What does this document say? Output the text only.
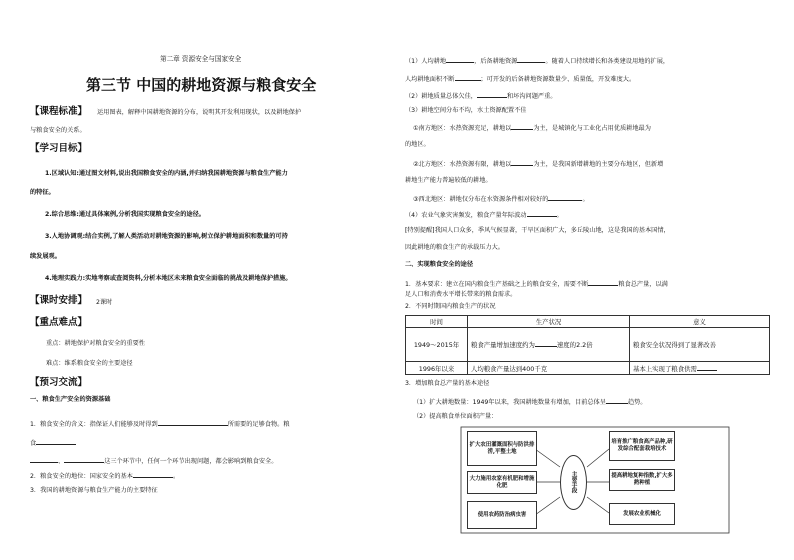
第二章 资源安全与国家安全
第三节 中国的耕地资源与粮食安全
【课程标准】 运用图表，解释中国耕地资源的分布，说明其开发利用现状，以及耕地保护
与粮食安全的关系。
【学习目标】
1.区域认知:通过图文材料,说出我国粮食安全的内涵,并归纳我国耕地资源与粮食生产能力
的特征。
2.综合思维:通过具体案例,分析我国实现粮食安全的途径。
3.人地协调观:结合实例,了解人类活动对耕地资源的影响,树立保护耕地面积和数量的可持
续发展观。
4.地理实践力:实地考察或查阅资料,分析本地区未来粮食安全面临的挑战及耕地保护措施。
【课时安排】 2课时
【重点难点】
重点：耕地保护对粮食安全的重要性
难点：维系粮食安全的主要途径
【预习交流】
一、粮食生产安全的资源基础
1．粮食安全的含义：指保证人们能够及时得到	所需要的足够食物。粮
食
、	这三个环节中，任何一个环节出现问题，都会影响到粮食安全。
2．粮食安全的地位：国家安全的基本	。
3．我国的耕地资源与粮食生产能力的主要特征
（1）人均耕地	，后备耕地资源	。随着人口持续增长和各类建设用地的扩展，
人均耕地面积不断	；可开发的后备耕地资源数量少、质量低，开发难度大。
（2）耕地质量总体欠佳，	和坏沟问题严重。
（3）耕地空间分布不均，水土资源配置不佳
①南方地区：水热资源充足，耕地以	为主，是城镇化与工业化占用优质耕地最为
的地区。
②北方地区：水热资源有限，耕地以	为主，是我国新增耕地的主要分布地区，但新增
耕地生产能力普遍较低的耕地。
③西北地区：耕地仅分布在水资源条件相对较好的	。
（4）农业气象灾害频发，粮食产量年际波动	。
[特别提醒]我国人口众多，季风气候显著，干旱区面积广大，多丘陵山地，这是我国的基本国情，
因此耕地的粮食生产的承载压力大。
二、实现粮食安全的途径
1．基本要求：建立在国内粮食生产基础之上的粮食安全，需要不断	粮食总产量，以满
足人口和消费水平增长带来的粮食需求。
2．不同时期国内粮食生产的状况
时间	生产状况	意义
1949～2015年	粮食产量增加速度约为 速度的2.2倍	粮食安全状况得到了显著改善
1996年以来	人均粮食产量达到400千克	基本上实现了粮食供需
3．增加粮食总产量的基本途径
（1）扩大耕地数量：1949年以来，我国耕地数量有增加，目前总体呈	趋势。
（2）提高粮食单位面积产量：
扩大农田灌溉面积与防洪排涝,平整土地
大力施用农家有机肥和增施化肥
使用农药防治病虫害
主要手段
培育推广粮食高产品种,研发综合配套栽培技术
提高耕地复种指数,扩大多熟种植
发展农业机械化
